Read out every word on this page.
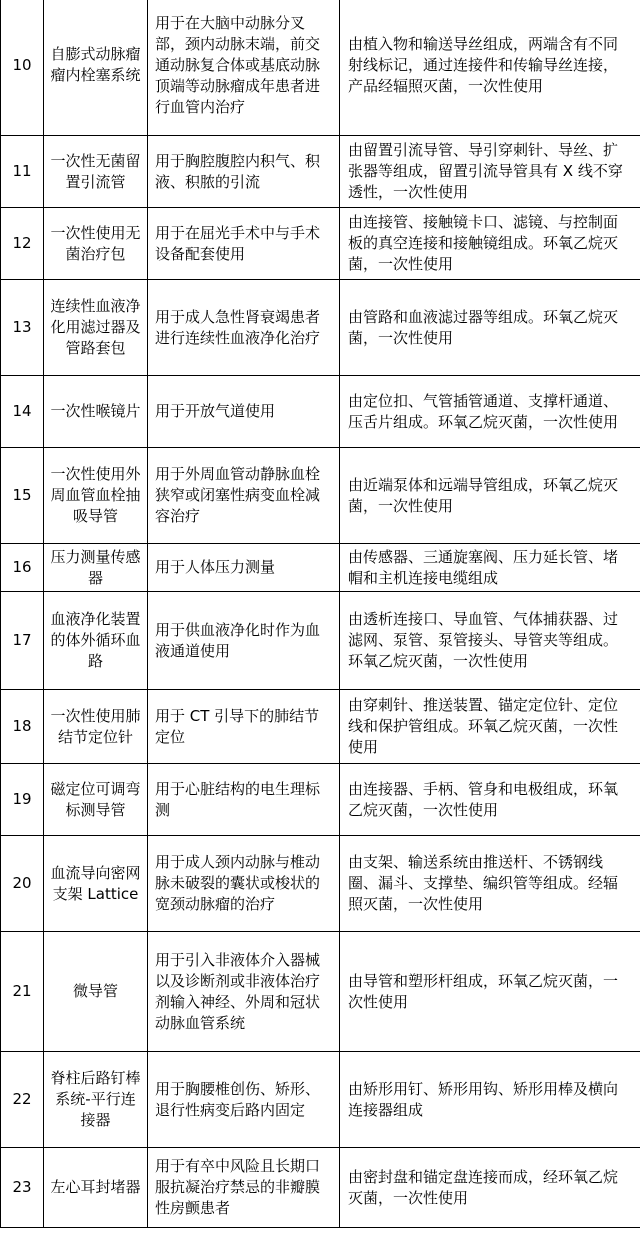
10	自膨式动脉瘤瘤内栓塞系统	用于在大脑中动脉分叉部，颈内动脉末端，前交通动脉复合体或基底动脉顶端等动脉瘤成年患者进行血管内治疗	由植入物和输送导丝组成，两端含有不同射线标记，通过连接件和传输导丝连接，产品经辐照灭菌，一次性使用
11	一次性无菌留置引流管	用于胸腔腹腔内积气、积液、积脓的引流	由留置引流导管、导引穿刺针、导丝、扩张器等组成，留置引流导管具有 X 线不穿透性，一次性使用
12	一次性使用无菌治疗包	用于在屈光手术中与手术设备配套使用	由连接管、接触镜卡口、滤镜、与控制面板的真空连接和接触镜组成。环氧乙烷灭菌，一次性使用
13	连续性血液净化用滤过器及管路套包	用于成人急性肾衰竭患者进行连续性血液净化治疗	由管路和血液滤过器等组成。环氧乙烷灭菌，一次性使用
14	一次性喉镜片	用于开放气道使用	由定位扣、气管插管通道、支撑杆通道、压舌片组成。环氧乙烷灭菌，一次性使用
15	一次性使用外周血管血栓抽吸导管	用于外周血管动静脉血栓狭窄或闭塞性病变血栓减容治疗	由近端泵体和远端导管组成，环氧乙烷灭菌，一次性使用
16	压力测量传感器	用于人体压力测量	由传感器、三通旋塞阀、压力延长管、堵帽和主机连接电缆组成
17	血液净化装置的体外循环血路	用于供血液净化时作为血液通道使用	由透析连接口、导血管、气体捕获器、过滤网、泵管、泵管接头、导管夹等组成。环氧乙烷灭菌，一次性使用
18	一次性使用肺结节定位针	用于 CT 引导下的肺结节定位	由穿刺针、推送装置、锚定定位针、定位线和保护管组成。环氧乙烷灭菌，一次性使用
19	磁定位可调弯标测导管	用于心脏结构的电生理标测	由连接器、手柄、管身和电极组成，环氧乙烷灭菌，一次性使用
20	血流导向密网支架 Lattice	用于成人颈内动脉与椎动脉未破裂的囊状或梭状的宽颈动脉瘤的治疗	由支架、输送系统由推送杆、不锈钢线圈、漏斗、支撑垫、编织管等组成。经辐照灭菌，一次性使用
21	微导管	用于引入非液体介入器械以及诊断剂或非液体治疗剂输入神经、外周和冠状动脉血管系统	由导管和塑形杆组成，环氧乙烷灭菌，一次性使用
22	脊柱后路钉棒系统-平行连接器	用于胸腰椎创伤、矫形、退行性病变后路内固定	由矫形用钉、矫形用钩、矫形用棒及横向连接器组成
23	左心耳封堵器	用于有卒中风险且长期口服抗凝治疗禁忌的非瓣膜性房颤患者	由密封盘和锚定盘连接而成，经环氧乙烷灭菌，一次性使用
